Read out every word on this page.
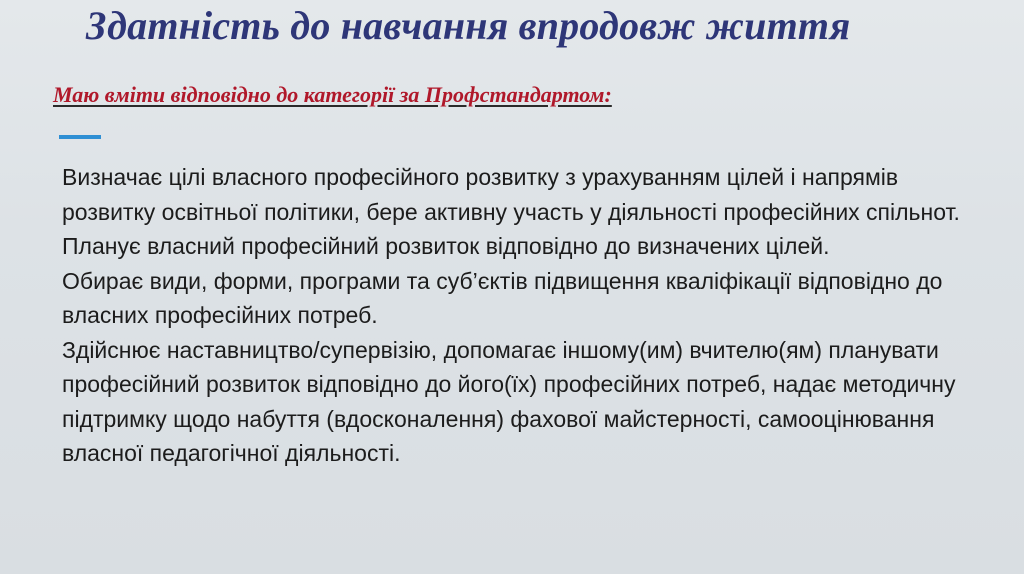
Здатність до навчання впродовж життя

Маю вміти відповідно до категорії за Профстандартом:

Визначає цілі власного професійного розвитку з урахуванням цілей і напрямів розвитку освітньої політики, бере активну участь у діяльності професійних спільнот.

Планує власний професійний розвиток відповідно до визначених цілей.

Обирає види, форми, програми та суб’єктів підвищення кваліфікації відповідно до власних професійних потреб.

Здійснює наставництво/супервізію, допомагає іншому(им) вчителю(ям) планувати професійний розвиток відповідно до його(їх) професійних потреб, надає методичну підтримку щодо набуття (вдосконалення) фахової майстерності, самооцінювання власної педагогічної діяльності.
